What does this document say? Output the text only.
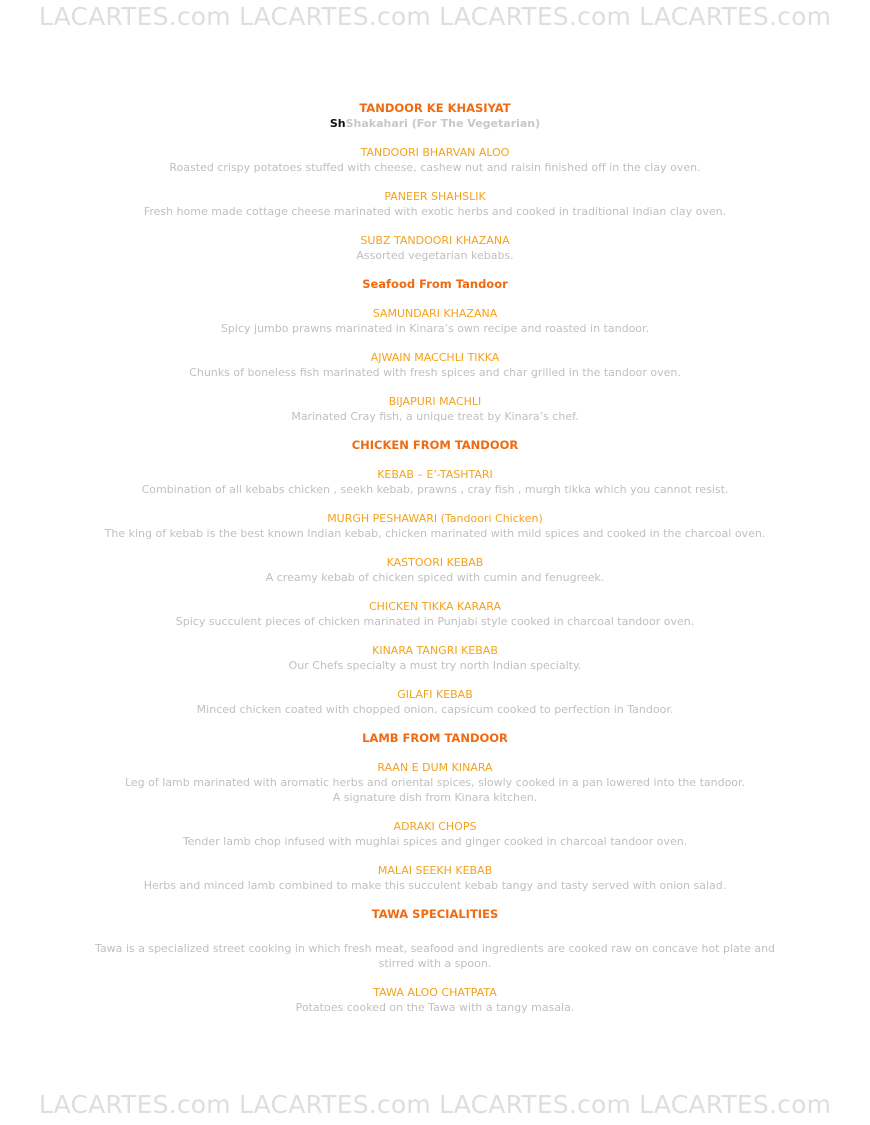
LACARTES.com LACARTES.com LACARTES.com LACARTES.com
TANDOOR KE KHASIYAT
ShShakahari (For The Vegetarian)
TANDOORI BHARVAN ALOO
Roasted crispy potatoes stuffed with cheese, cashew nut and raisin finished off in the clay oven.
PANEER SHAHSLIK
Fresh home made cottage cheese marinated with exotic herbs and cooked in traditional Indian clay oven.
SUBZ TANDOORI KHAZANA
Assorted vegetarian kebabs.
Seafood From Tandoor
SAMUNDARI KHAZANA
Spicy jumbo prawns marinated in Kinara’s own recipe and roasted in tandoor.
AJWAIN MACCHLI TIKKA
Chunks of boneless fish marinated with fresh spices and char grilled in the tandoor oven.
BIJAPURI MACHLI
Marinated Cray fish, a unique treat by Kinara’s chef.
CHICKEN FROM TANDOOR
KEBAB – E’-TASHTARI
Combination of all kebabs chicken , seekh kebab, prawns , cray fish , murgh tikka which you cannot resist.
MURGH PESHAWARI (Tandoori Chicken)
The king of kebab is the best known Indian kebab, chicken marinated with mild spices and cooked in the charcoal oven.
KASTOORI KEBAB
A creamy kebab of chicken spiced with cumin and fenugreek.
CHICKEN TIKKA KARARA
Spicy succulent pieces of chicken marinated in Punjabi style cooked in charcoal tandoor oven.
KINARA TANGRI KEBAB
Our Chefs specialty a must try north Indian specialty.
GILAFI KEBAB
Minced chicken coated with chopped onion, capsicum cooked to perfection in Tandoor.
LAMB FROM TANDOOR
RAAN E DUM KINARA
Leg of lamb marinated with aromatic herbs and oriental spices, slowly cooked in a pan lowered into the tandoor.
A signature dish from Kinara kitchen.
ADRAKI CHOPS
Tender lamb chop infused with mughlai spices and ginger cooked in charcoal tandoor oven.
MALAI SEEKH KEBAB
Herbs and minced lamb combined to make this succulent kebab tangy and tasty served with onion salad.
TAWA SPECIALITIES
Tawa is a specialized street cooking in which fresh meat, seafood and ingredients are cooked raw on concave hot plate and
stirred with a spoon.
TAWA ALOO CHATPATA
Potatoes cooked on the Tawa with a tangy masala.
LACARTES.com LACARTES.com LACARTES.com LACARTES.com
